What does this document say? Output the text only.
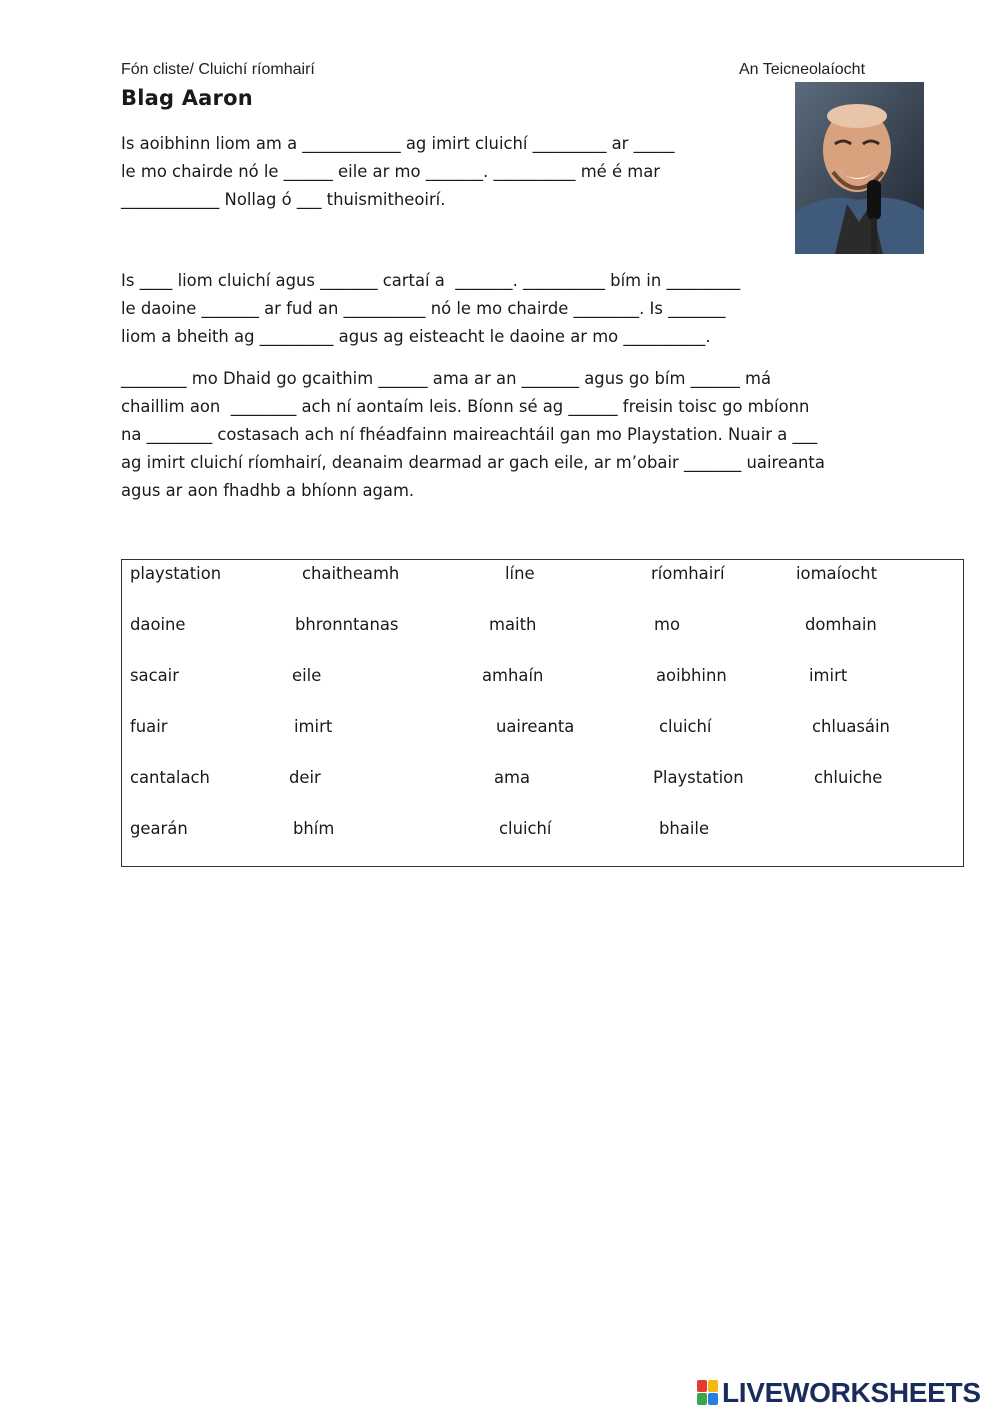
Fón cliste/ Cluichí ríomhairí	An Teicneolaíocht
Blag Aaron

Is aoibhinn liom am a ____________ ag imirt cluichí _________ ar _____

le mo chairde nó le ______ eile ar mo _______. __________ mé é mar

____________ Nollag ó ___ thuismitheoirí.

Is ____ liom cluichí agus _______ cartaí a  _______. __________ bím in _________

le daoine _______ ar fud an __________ nó le mo chairde ________. Is _______

liom a bheith ag _________ agus ag eisteacht le daoine ar mo __________.

________ mo Dhaid go gcaithim ______ ama ar an _______ agus go bím ______ má

chaillim aon  ________ ach ní aontaím leis. Bíonn sé ag ______ freisin toisc go mbíonn

na ________ costasach ach ní fhéadfainn maireachtáil gan mo Playstation. Nuair a ___

ag imirt cluichí ríomhairí, deanaim dearmad ar gach eile, ar m’obair _______ uaireanta

agus ar aon fhadhb a bhíonn agam.

playstation	chaitheamh	líne	ríomhairí	iomaíocht
daoine	bhronntanas	maith	mo	domhain
sacair	eile	amhaín	aoibhinn	imirt
fuair	imirt	uaireanta	cluichí	chluasáin
cantalach	deir	ama	Playstation	chluiche
gearán	bhím	cluichí	bhaile
LIVEWORKSHEETS
